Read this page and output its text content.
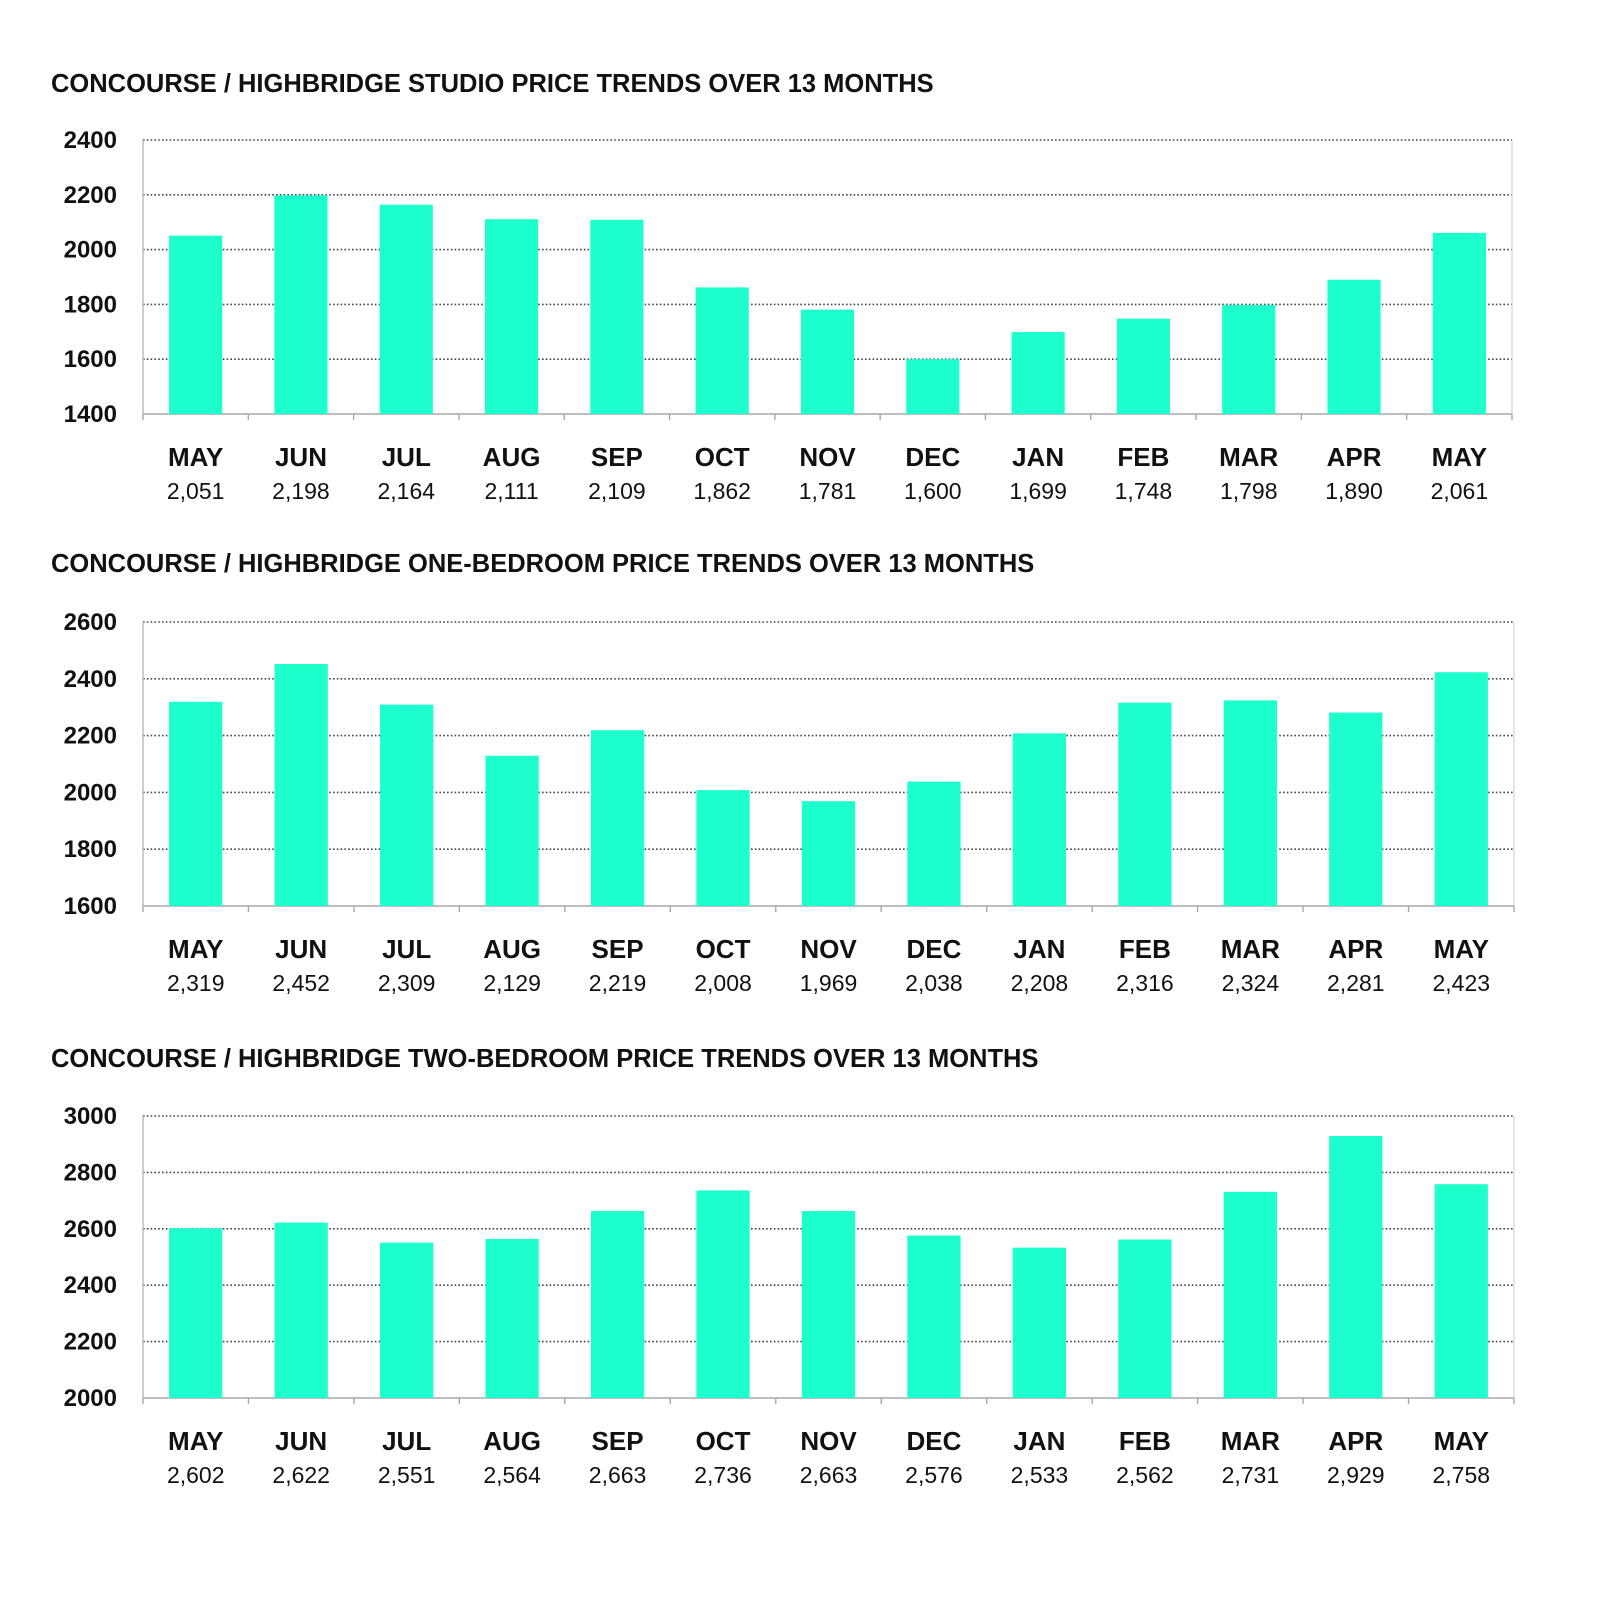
CONCOURSE / HIGHBRIDGE STUDIO PRICE TRENDS OVER 13 MONTHS
1400
1600
1800
2000
2200
2400
MAY
2,051
JUN
2,198
JUL
2,164
AUG
2,111
SEP
2,109
OCT
1,862
NOV
1,781
DEC
1,600
JAN
1,699
FEB
1,748
MAR
1,798
APR
1,890
MAY
2,061
CONCOURSE / HIGHBRIDGE ONE-BEDROOM PRICE TRENDS OVER 13 MONTHS
1600
1800
2000
2200
2400
2600
MAY
2,319
JUN
2,452
JUL
2,309
AUG
2,129
SEP
2,219
OCT
2,008
NOV
1,969
DEC
2,038
JAN
2,208
FEB
2,316
MAR
2,324
APR
2,281
MAY
2,423
CONCOURSE / HIGHBRIDGE TWO-BEDROOM PRICE TRENDS OVER 13 MONTHS
2000
2200
2400
2600
2800
3000
MAY
2,602
JUN
2,622
JUL
2,551
AUG
2,564
SEP
2,663
OCT
2,736
NOV
2,663
DEC
2,576
JAN
2,533
FEB
2,562
MAR
2,731
APR
2,929
MAY
2,758
